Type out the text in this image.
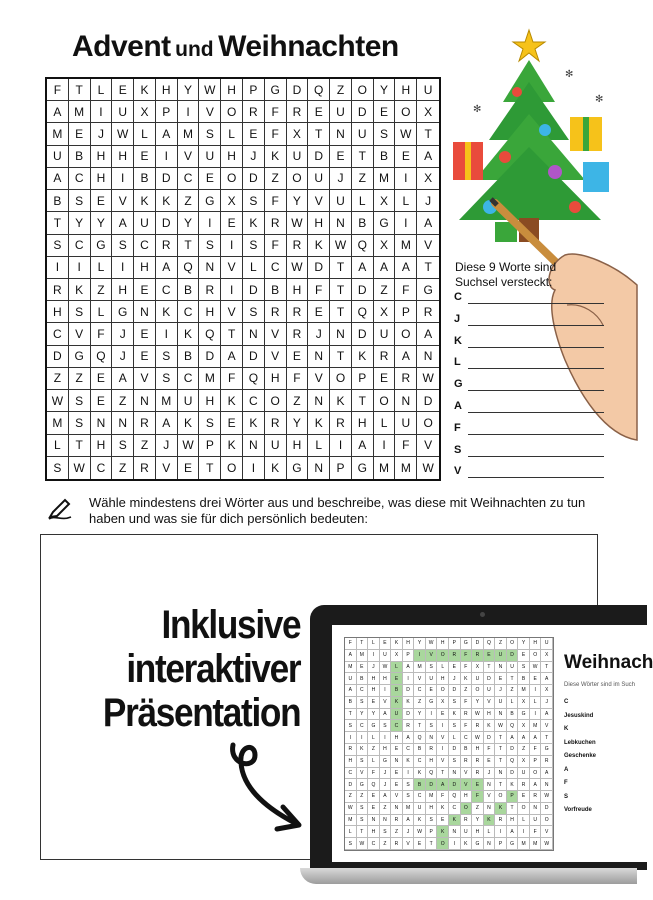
Advent und Weihnachten
F	T	L	E	K	H	Y	W H	P	G	D	Q	Z	O	Y	H	U
A	M	I	U	X	P	I	V	O	R	F	R	E	U	D	E	O	X
M	E	J	W	L	A	M	S	L	E	F	X	T	N	U	S	W	T
U	B	H	H	E	I	V	U	H	J	K	U	D	E	T	B	E	A
A	C	H	I	B	D	C	E	O	D	Z	O	U	J	Z	M	I	X
B	S	E	V	K	K	Z	G	X	S	F	Y	V	U	L	X	L	J
T	Y	Y	A	U	D	Y	I	E	K	R W H	N	B	G	I	A
S	C	G	S	C	R	T	S	I	S	F	R	K	W Q	X	M	V
I	I	L	I	H	A	Q	N	V	L	C W D	T	A	A	A	T
R	K	Z	H	E	C	B	R	I	D	B	H	F	T	D	Z	F	G
H	S	L	G	N	K	C	H	V	S	R	R	E	T	Q	X	P	R
C	V	F	J	E	I	K	Q	T	N	V	R	J	N	D	U	O	A
D	G	Q	J	E	S	B	D	A	D	V	E	N	T	K	R	A	N
Z	Z	E	A	V	S	C	M	F	Q	H	F	V	O	P	E	R	W
W	S	E	Z	N	M	U	H	K	C	O	Z	N	K	T	O	N	D
M	S	N	N	R	A	K	S	E	K	R	Y	K	R	H	L	U	O
L	T	H	S	Z	J	W	P	K	N	U	H	L	I	A	I	F	V
S	W C	Z	R	V	E	T	O	I	K	G	N	P	G	M M W
✻
✻
✻
Diese 9 Worte sind
Suchsel versteckt:
C
J
K
L
G
A
F
S
V
Wähle mindestens drei Wörter aus und beschreibe, was diese mit Weihnachten zu tun haben und was sie für dich persönlich bedeuten:
Inklusive
interaktiver
Präsentation
F	T	L	E	K	H	Y	W	H	P	G	D	Q	Z	O	Y	H	U
A	M	I	U	X	P	I	V	O	R	F	R	E	U	D	E	O	X
M	E	J	W	L	A	M	S	L	E	F	X	T	N	U	S	W	T
U	B	H	H	E	I	V	U	H	J	K	U	D	E	T	B	E	A
A	C	H	I	B	D	C	E	O	D	Z	O	U	J	Z	M	I	X
B	S	E	V	K	K	Z	G	X	S	F	Y	V	U	L	X	L	J
T	Y	Y	A	U	D	Y	I	E	K	R	W	H	N	B	G	I	A
S	C	G	S	C	R	T	S	I	S	F	R	K	W	Q	X	M	V
I	I	L	I	H	A	Q	N	V	L	C	W	D	T	A	A	A	T
R	K	Z	H	E	C	B	R	I	D	B	H	F	T	D	Z	F	G
H	S	L	G	N	K	C	H	V	S	R	R	E	T	Q	X	P	R
C	V	F	J	E	I	K	Q	T	N	V	R	J	N	D	U	O	A
D	G	Q	J	E	S	B	D	A	D	V	E	N	T	K	R	A	N
Z	Z	E	A	V	S	C	M	F	Q	H	F	V	O	P	E	R	W
W	S	E	Z	N	M	U	H	K	C	O	Z	N	K	T	O	N	D
M	S	N	N	R	A	K	S	E	K	R	Y	K	R	H	L	U	O
L	T	H	S	Z	J	W	P	K	N	U	H	L	I	A	I	F	V
S	W	C	Z	R	V	E	T	O	I	K	G	N	P	G	M	M	W
Weihnach
Diese Wörter sind im Such
C
Jesuskind
K
Lebkuchen
Geschenke
A
F
S
Vorfreude
